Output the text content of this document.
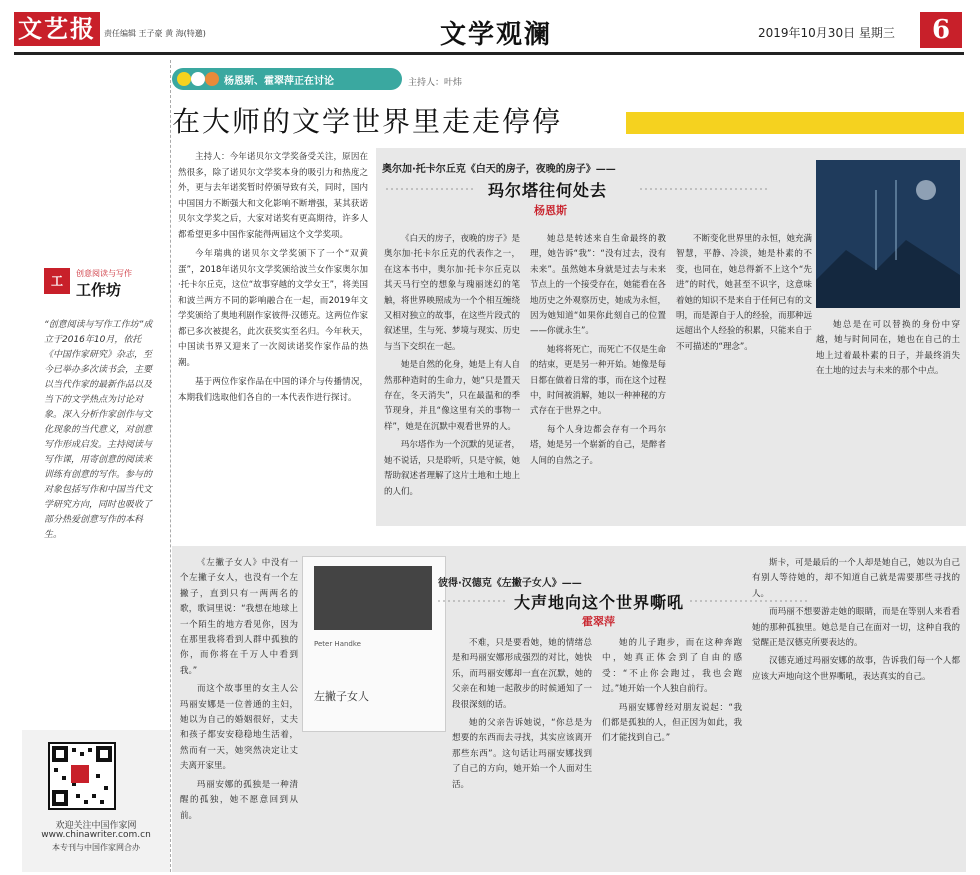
文艺报	责任编辑 王子豪 黄 海(特邀)	文学观澜	2019年10月30日 星期三	6
工
创意阅读与写作
工作坊
“创意阅读与写作工作坊”成立于2016年10月，依托《中国作家研究》杂志，至今已举办多次读书会，主要以当代作家的最新作品以及当下的文学热点为讨论对象。深入分析作家创作与文化现象的当代意义，对创意写作形成启发。主持阅读与写作课，用寄创意的阅读来训练有创意的写作。参与的对象包括写作和中国当代文学研究方向，同时也吸收了部分热爱创意写作的本科生。
欢迎关注中国作家网
www.chinawriter.com.cn
本专刊与中国作家网合办
杨恩斯、霍翠萍正在讨论	主持人：叶炜
在大师的文学世界里走走停停

主持人：今年诺贝尔文学奖备受关注，原因在然很多，除了诺贝尔文学奖本身的吸引力和热度之外，更与去年诺奖暂时停颁导致有关，同时，国内中国国力不断强大和文化影响不断增强，某其获诺贝尔文学奖之后，大家对诺奖有更高期待，许多人都希望更多中国作家能得两届这个文学奖项。

今年瑞典的诺贝尔文学奖颁下了一个“双黄蛋”，2018年诺贝尔文学奖颁给波兰女作家奥尔加·托卡尔丘克，这位“故事穿越的文学女王”，将美国和波兰两方不同的影响融合在一起，而2019年文学奖颁给了奥地利剧作家彼得·汉德克。这两位作家都已多次被提名，此次获奖实至名归。今年秋天，中国读书界又迎来了一次阅读诺奖作家作品的热潮。

基于两位作家作品在中国的译介与传播情况，本期我们选取他们各自的一本代表作进行探讨。

奥尔加·托卡尔丘克《白天的房子，夜晚的房子》——
玛尔塔往何处去
杨恩斯

《白天的房子，夜晚的房子》是奥尔加·托卡尔丘克的代表作之一，在这本书中，奥尔加·托卡尔丘克以其天马行空的想象与瑰丽迷幻的笔触，将世界映照成为一个个相互缠绕又相对独立的故事，在这些片段式的叙述里，生与死、梦境与现实、历史与当下交织在一起。

她是自然的化身，她是上有人自然那种造时的生命力，她“只是置天存在，冬天消失”，只在最温和的季节现身，并且“像这里有关的事物一样”，她是在沉默中观看世界的人。

玛尔塔作为一个沉默的见证者，她不说话，只是聆听，只是守候，她帮助叙述者理解了这片土地和土地上的人们。

她总是转述来自生命最终的教理，她告诉“我”：“没有过去，没有未来”。虽然她本身就是过去与未来节点上的一个接受存在，她能看在各地历史之外观察历史，她成为永恒，因为她知道“如果你此刻自己的位置——你就永生”。

她将将死亡，而死亡不仅是生命的结束，更是另一种开始。她像是每日都在做着日常的事，而在这个过程中，时间被消解，她以一种神秘的方式存在于世界之中。

每个人身边都会存有一个玛尔塔，她是另一个崭新的自己，是醉者人间的自然之子。

不断变化世界里的永恒，她充满智慧，平静、冷淡，她是朴素的不变，也同在，她总得新不上这个“先进”的时代，她甚至不识字，这意味着她的知识不是来自于任何已有的文明，而是源自于人的经验，而那种远远超出个人经验的积累，只能来自于不可描述的“理念”。

她总是在可以替换的身份中穿越，她与时间同在，她也在自己的土地上过着最朴素的日子，并最终消失在土地的过去与未来的那个中点。

Peter Handke
左撇子女人
彼得·汉德克《左撇子女人》——
大声地向这个世界嘶吼
霍翠萍

《左撇子女人》中没有一个左撇子女人，也没有一个左撇子，直到只有一两两名的歌，歌词里说：“我想在地球上一个陌生的地方看见你，因为在那里我将看到人群中孤独的你，而你将在千万人中看到我。”

而这个故事里的女主人公玛丽安娜是一位普通的主妇，她以为自己的婚姻很好，丈夫和孩子都安安稳稳地生活着，然而有一天，她突然决定让丈夫离开家里。

玛丽安娜的孤独是一种清醒的孤独，她不愿意回到从前。

不难，只是要看她，她的情绪总是和玛丽安娜形成强烈的对比，她快乐，而玛丽安娜却一直在沉默，她的父亲在和她一起散步的时候通知了一段很深刻的话。

她的父亲告诉她说，“你总是为想要的东西而去寻找，其实应该离开那些东西”。这句话让玛丽安娜找到了自己的方向，她开始一个人面对生活。

她的儿子跑步，而在这种奔跑中，她真正体会到了自由的感受：“不止你会跑过，我也会跑过。”她开始一个人独自前行。

玛丽安娜曾经对朋友说起：“我们都是孤独的人，但正因为如此，我们才能找到自己。”

斯卡，可是最后的一个人却是她自己，她以为自己有别人等待她的，却不知道自己就是需要那些寻找的人。

而玛丽不想要游走她的眼睛，而是在等别人来看看她的那种孤独里。她总是自己在面对一切，这种自我的觉醒正是汉德克所要表达的。

汉德克通过玛丽安娜的故事，告诉我们每一个人都应该大声地向这个世界嘶吼，表达真实的自己。
